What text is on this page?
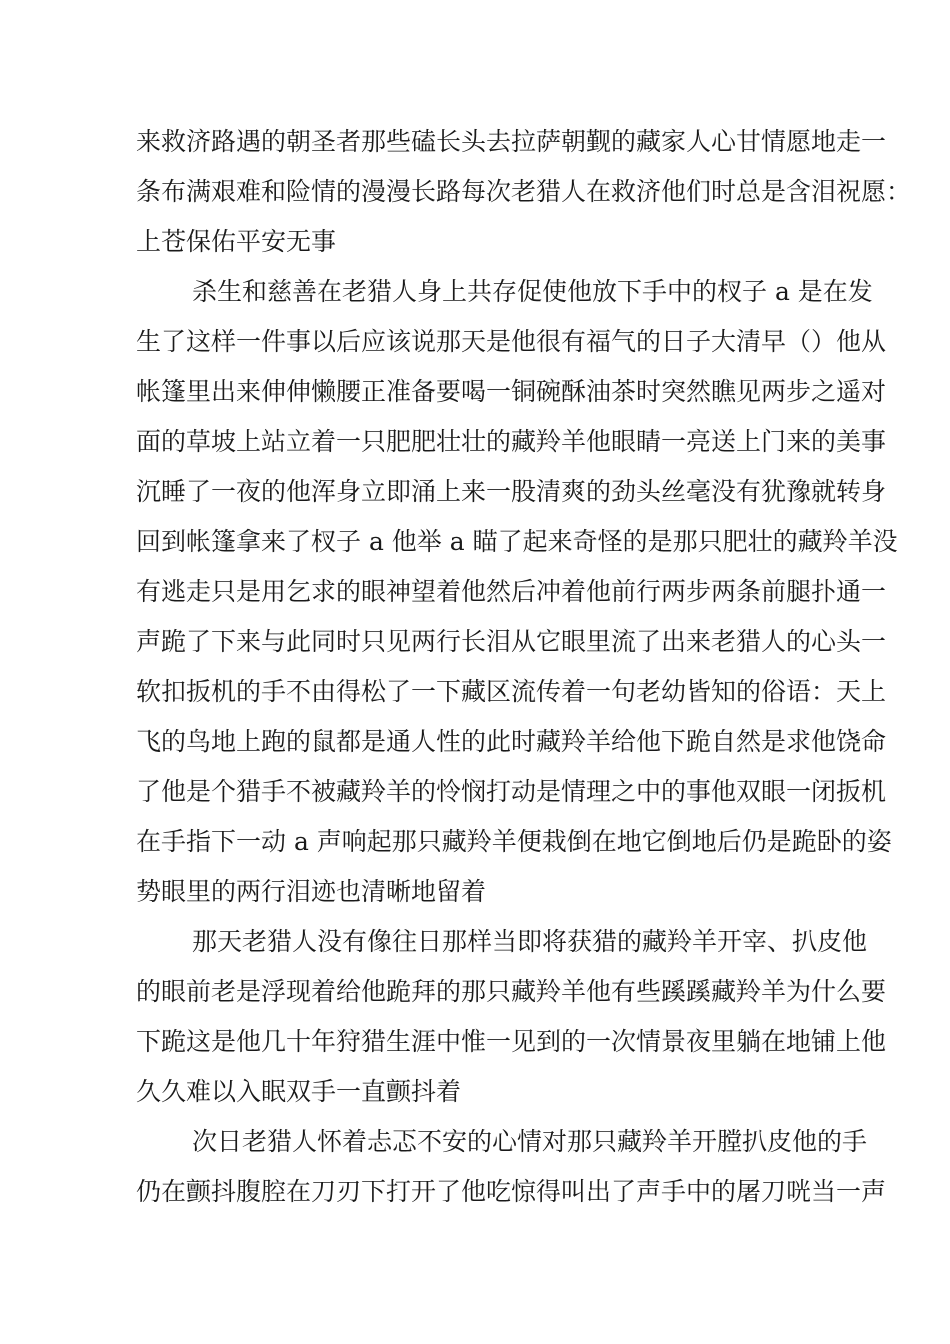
来救济路遇的朝圣者那些磕长头去拉萨朝觐的藏家人心甘情愿地走一
条布满艰难和险情的漫漫长路每次老猎人在救济他们时总是含泪祝愿：
上苍保佑平安无事
杀生和慈善在老猎人身上共存促使他放下手中的杈子 a 是在发
生了这样一件事以后应该说那天是他很有福气的日子大清早（）他从
帐篷里出来伸伸懒腰正准备要喝一铜碗酥油茶时突然瞧见两步之遥对
面的草坡上站立着一只肥肥壮壮的藏羚羊他眼睛一亮送上门来的美事
沉睡了一夜的他浑身立即涌上来一股清爽的劲头丝毫没有犹豫就转身
回到帐篷拿来了杈子 a 他举 a 瞄了起来奇怪的是那只肥壮的藏羚羊没
有逃走只是用乞求的眼神望着他然后冲着他前行两步两条前腿扑通一
声跪了下来与此同时只见两行长泪从它眼里流了出来老猎人的心头一
软扣扳机的手不由得松了一下藏区流传着一句老幼皆知的俗语：天上
飞的鸟地上跑的鼠都是通人性的此时藏羚羊给他下跪自然是求他饶命
了他是个猎手不被藏羚羊的怜悯打动是情理之中的事他双眼一闭扳机
在手指下一动 a 声响起那只藏羚羊便栽倒在地它倒地后仍是跪卧的姿
势眼里的两行泪迹也清晰地留着
那天老猎人没有像往日那样当即将获猎的藏羚羊开宰、扒皮他
的眼前老是浮现着给他跪拜的那只藏羚羊他有些蹊蹊藏羚羊为什么要
下跪这是他几十年狩猎生涯中惟一见到的一次情景夜里躺在地铺上他
久久难以入眠双手一直颤抖着
次日老猎人怀着忐忑不安的心情对那只藏羚羊开膛扒皮他的手
仍在颤抖腹腔在刀刃下打开了他吃惊得叫出了声手中的屠刀咣当一声
